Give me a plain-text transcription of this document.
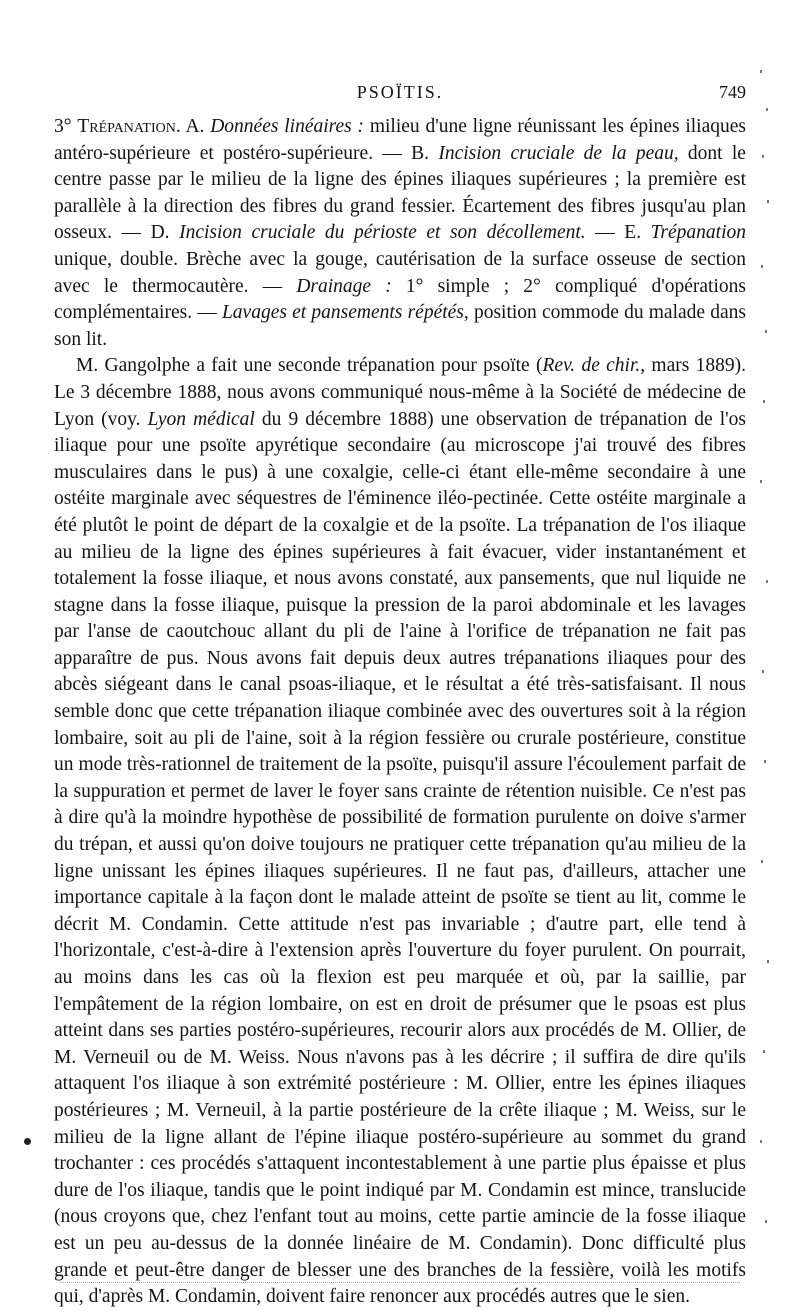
PSOÏTIS.	749

3° Trépanation. A. Données linéaires : milieu d'une ligne réunissant les épines iliaques antéro-supérieure et postéro-supérieure. — B. Incision cruciale de la peau, dont le centre passe par le milieu de la ligne des épines iliaques supérieures ; la première est parallèle à la direction des fibres du grand fessier. Écartement des fibres jusqu'au plan osseux. — D. Incision cruciale du périoste et son décollement. — E. Trépanation unique, double. Brèche avec la gouge, cautérisation de la surface osseuse de section avec le thermocautère. — Drainage : 1° simple ; 2° compliqué d'opérations complémentaires. — Lavages et pansements répétés, position commode du malade dans son lit.

M. Gangolphe a fait une seconde trépanation pour psoïte (Rev. de chir., mars 1889). Le 3 décembre 1888, nous avons communiqué nous-même à la Société de médecine de Lyon (voy. Lyon médical du 9 décembre 1888) une observation de trépanation de l'os iliaque pour une psoïte apyrétique secondaire (au microscope j'ai trouvé des fibres musculaires dans le pus) à une coxalgie, celle-ci étant elle-même secondaire à une ostéite marginale avec séquestres de l'éminence iléo-pectinée. Cette ostéite marginale a été plutôt le point de départ de la coxalgie et de la psoïte. La trépanation de l'os iliaque au milieu de la ligne des épines supérieures à fait évacuer, vider instantanément et totalement la fosse iliaque, et nous avons constaté, aux pansements, que nul liquide ne stagne dans la fosse iliaque, puisque la pression de la paroi abdominale et les lavages par l'anse de caoutchouc allant du pli de l'aine à l'orifice de trépanation ne fait pas apparaître de pus. Nous avons fait depuis deux autres trépanations iliaques pour des abcès siégeant dans le canal psoas-iliaque, et le résultat a été très-satisfaisant. Il nous semble donc que cette trépanation iliaque combinée avec des ouvertures soit à la région lombaire, soit au pli de l'aine, soit à la région fessière ou crurale postérieure, constitue un mode très-rationnel de traitement de la psoïte, puisqu'il assure l'écoulement parfait de la suppuration et permet de laver le foyer sans crainte de rétention nuisible. Ce n'est pas à dire qu'à la moindre hypothèse de possibilité de formation purulente on doive s'armer du trépan, et aussi qu'on doive toujours ne pratiquer cette trépanation qu'au milieu de la ligne unissant les épines iliaques supérieures. Il ne faut pas, d'ailleurs, attacher une importance capitale à la façon dont le malade atteint de psoïte se tient au lit, comme le décrit M. Condamin. Cette attitude n'est pas invariable ; d'autre part, elle tend à l'horizontale, c'est-à-dire à l'extension après l'ouverture du foyer purulent. On pourrait, au moins dans les cas où la flexion est peu marquée et où, par la saillie, par l'empâtement de la région lombaire, on est en droit de présumer que le psoas est plus atteint dans ses parties postéro-supérieures, recourir alors aux procédés de M. Ollier, de M. Verneuil ou de M. Weiss. Nous n'avons pas à les décrire ; il suffira de dire qu'ils attaquent l'os iliaque à son extrémité postérieure : M. Ollier, entre les épines iliaques postérieures ; M. Verneuil, à la partie postérieure de la crête iliaque ; M. Weiss, sur le milieu de la ligne allant de l'épine iliaque postéro-supérieure au sommet du grand trochanter : ces procédés s'attaquent incontestablement à une partie plus épaisse et plus dure de l'os iliaque, tandis que le point indiqué par M. Condamin est mince, translucide (nous croyons que, chez l'enfant tout au moins, cette partie amincie de la fosse iliaque est un peu au-dessus de la donnée linéaire de M. Condamin). Donc difficulté plus grande et peut-être danger de blesser une des branches de la fessière, voilà les motifs qui, d'après M. Condamin, doivent faire renoncer aux procédés autres que le sien.
